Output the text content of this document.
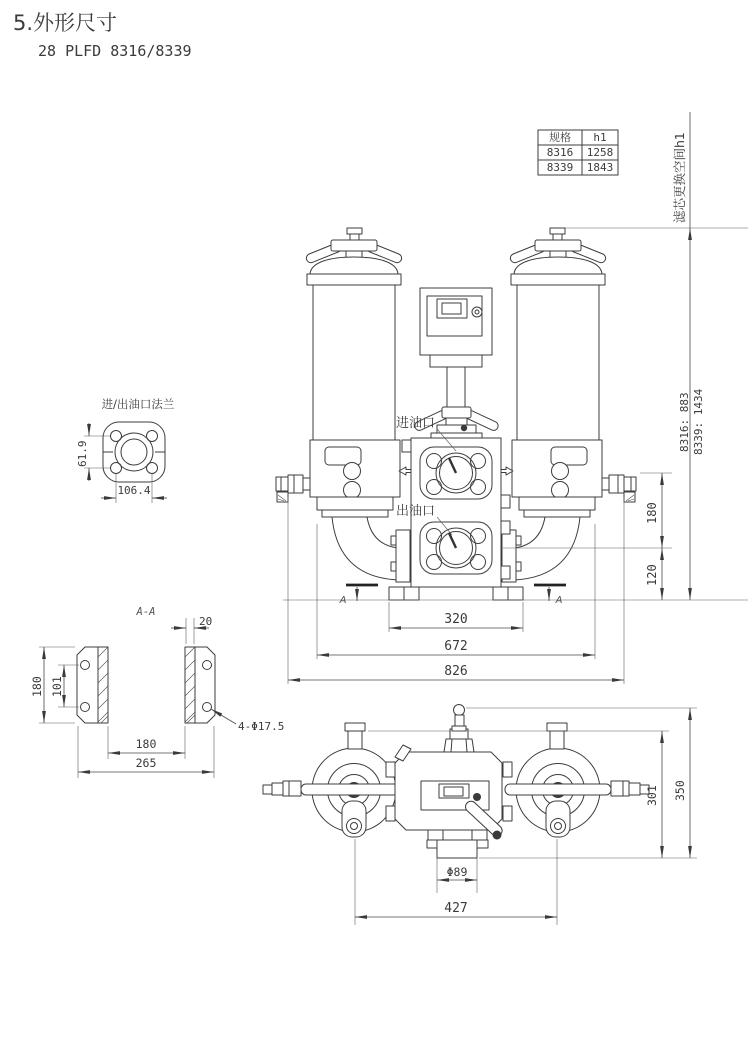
5.外形尺寸
28 PLFD 8316/8339
规格 h1
8316 1258
8339 1843
进/出油口法兰
61.9
106.4
进油口
出油口
A	A
320
672
826
180
120
滤芯更换空间h1
8316: 883 8339: 1434
A-A
20
180 101
180
265
4-Φ17.5
Φ89
427
301 350
